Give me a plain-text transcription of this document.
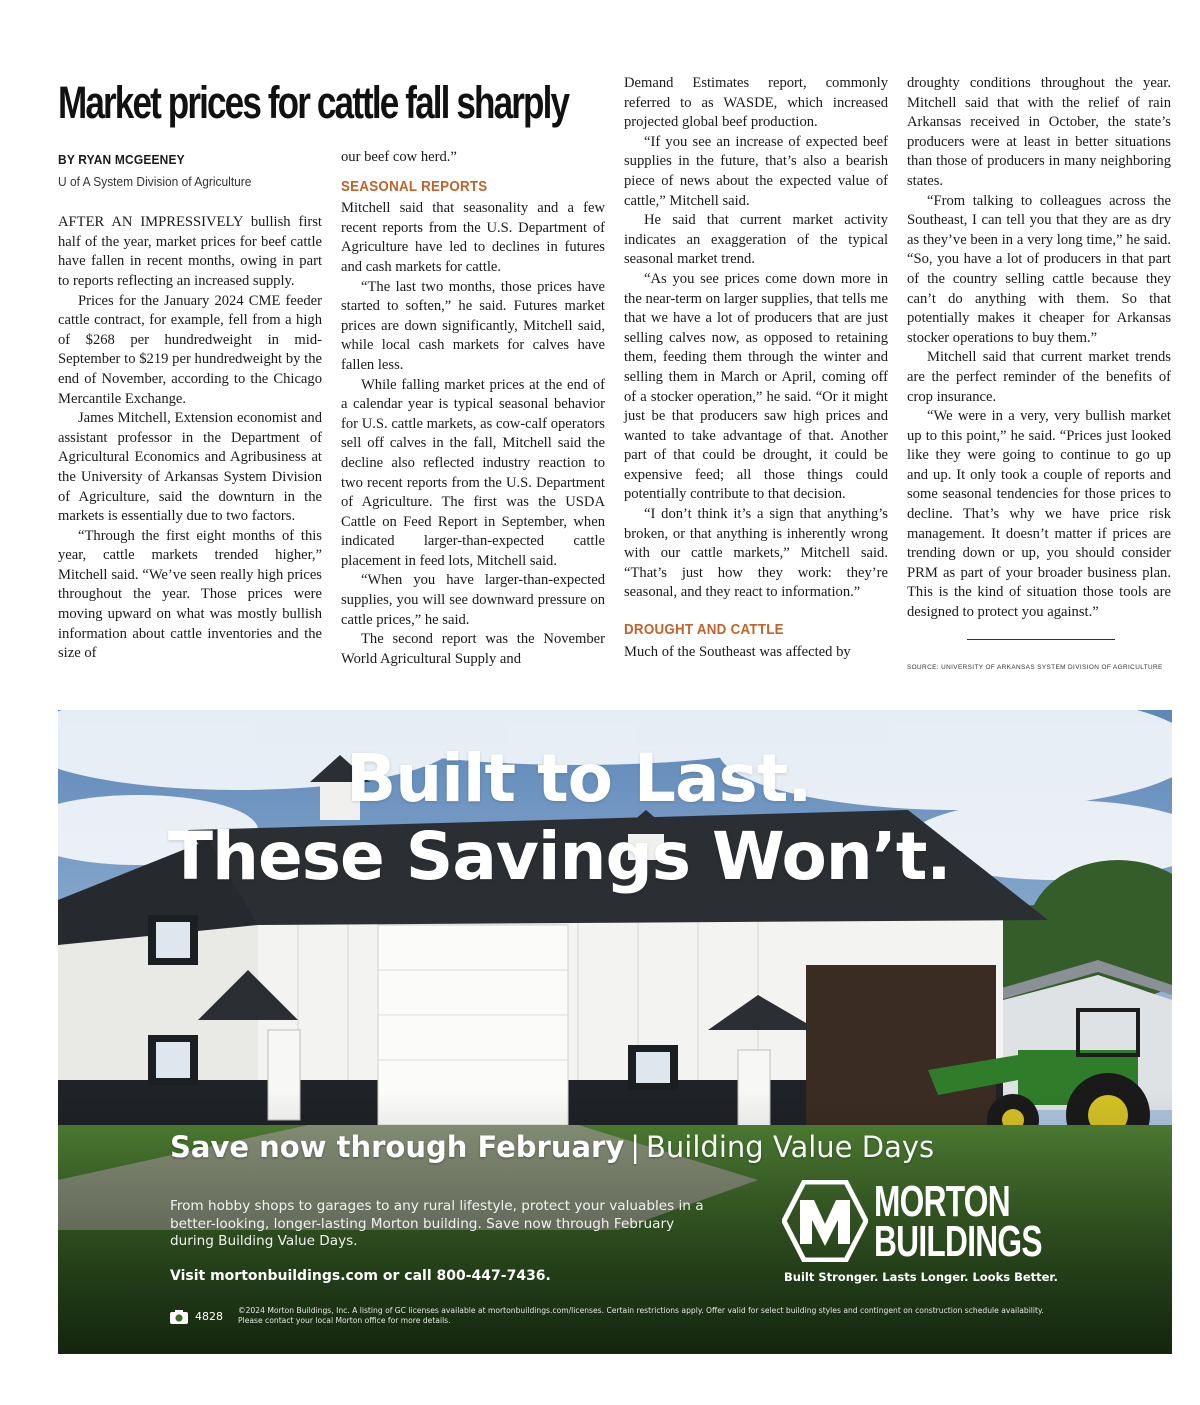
Market prices for cattle fall sharply
BY RYAN MCGEENEY
U of A System Division of Agriculture

AFTER AN IMPRESSIVELY bullish first half of the year, market prices for beef cattle have fallen in recent months, owing in part to reports reflecting an increased supply.

Prices for the January 2024 CME feeder cattle contract, for example, fell from a high of $268 per hundredweight in mid-September to $219 per hundredweight by the end of November, according to the Chicago Mercantile Exchange.

James Mitchell, Extension economist and assistant professor in the Department of Agricultural Economics and Agribusiness at the University of Arkansas System Division of Agriculture, said the downturn in the markets is essentially due to two factors.

“Through the first eight months of this year, cattle markets trended higher,” Mitchell said. “We’ve seen really high prices throughout the year. Those prices were moving upward on what was mostly bullish information about cattle inventories and the size of

our beef cow herd.”

SEASONAL REPORTS

Mitchell said that seasonality and a few recent reports from the U.S. Department of Agriculture have led to declines in futures and cash markets for cattle.

“The last two months, those prices have started to soften,” he said. Futures market prices are down significantly, Mitchell said, while local cash markets for calves have fallen less.

While falling market prices at the end of a calendar year is typical seasonal behavior for U.S. cattle markets, as cow-calf operators sell off calves in the fall, Mitchell said the decline also reflected industry reaction to two recent reports from the U.S. Department of Agriculture. The first was the USDA Cattle on Feed Report in September, when indicated larger-than-expected cattle placement in feed lots, Mitchell said.

“When you have larger-than-expected supplies, you will see downward pressure on cattle prices,” he said.

The second report was the November World Agricultural Supply and

Demand Estimates report, commonly referred to as WASDE, which increased projected global beef production.

“If you see an increase of expected beef supplies in the future, that’s also a bearish piece of news about the expected value of cattle,” Mitchell said.

He said that current market activity indicates an exaggeration of the typical seasonal market trend.

“As you see prices come down more in the near-term on larger supplies, that tells me that we have a lot of producers that are just selling calves now, as opposed to retaining them, feeding them through the winter and selling them in March or April, coming off of a stocker operation,” he said. “Or it might just be that producers saw high prices and wanted to take advantage of that. Another part of that could be drought, it could be expensive feed; all those things could potentially contribute to that decision.

“I don’t think it’s a sign that anything’s broken, or that anything is inherently wrong with our cattle markets,” Mitchell said. “That’s just how they work: they’re seasonal, and they react to information.”

DROUGHT AND CATTLE

Much of the Southeast was affected by

droughty conditions throughout the year. Mitchell said that with the relief of rain Arkansas received in October, the state’s producers were at least in better situations than those of producers in many neighboring states.

“From talking to colleagues across the Southeast, I can tell you that they are as dry as they’ve been in a very long time,” he said. “So, you have a lot of producers in that part of the country selling cattle because they can’t do anything with them. So that potentially makes it cheaper for Arkansas stocker operations to buy them.”

Mitchell said that current market trends are the perfect reminder of the benefits of crop insurance.

“We were in a very, very bullish market up to this point,” he said. “Prices just looked like they were going to continue to go up and up. It only took a couple of reports and some seasonal tendencies for those prices to decline. That’s why we have price risk management. It doesn’t matter if prices are trending down or up, you should consider PRM as part of your broader business plan. This is the kind of situation those tools are designed to protect you against.”

SOURCE: UNIVERSITY OF ARKANSAS SYSTEM DIVISION OF AGRICULTURE
Built to Last.
These Savings Won’t.
Save now through February | Building Value Days
From hobby shops to garages to any rural lifestyle, protect your valuables in a better-looking, longer-lasting Morton building. Save now through February during Building Value Days.
Visit mortonbuildings.com or call 800-447-7436.
MORTON
BUILDINGS
Built Stronger. Lasts Longer. Looks Better.
4828 ©2024 Morton Buildings, Inc. A listing of GC licenses available at mortonbuildings.com/licenses. Certain restrictions apply. Offer valid for select building styles and contingent on construction schedule availability. Please contact your local Morton office for more details.
